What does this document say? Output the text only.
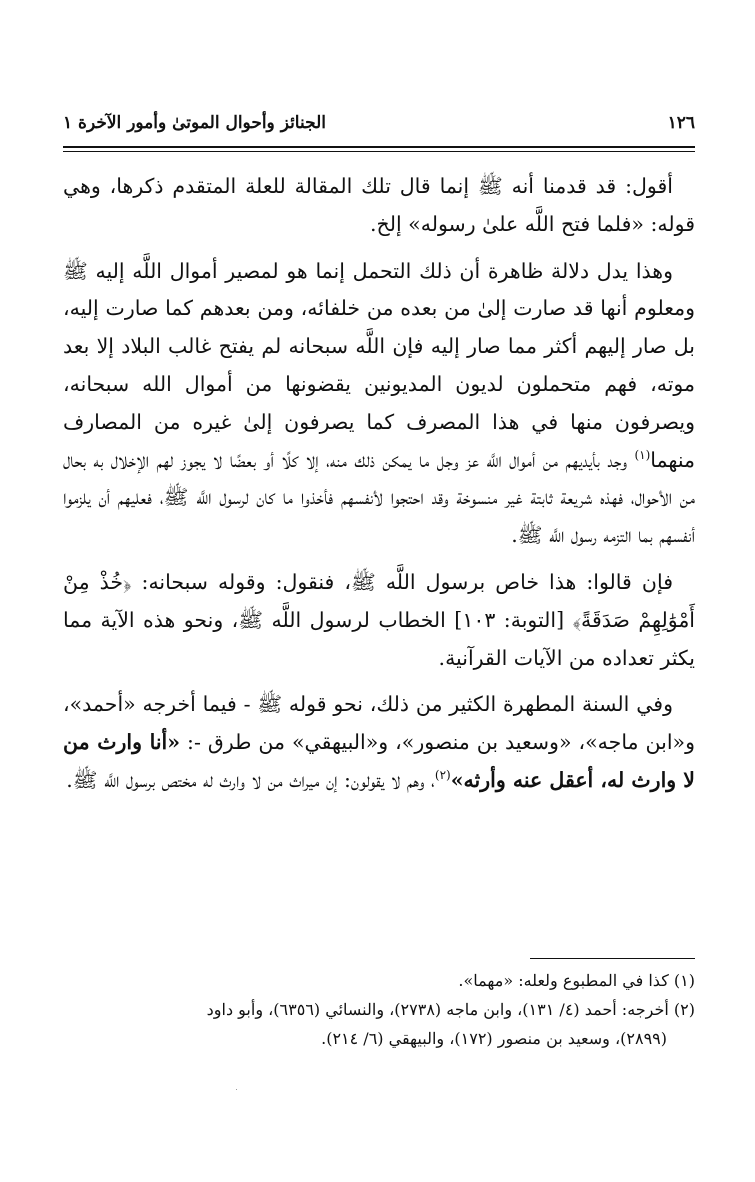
١٢٦
الجنائز وأحوال الموتىٰ وأمور الآخرة ١

أقول: قد قدمنا أنه ﷺ إنما قال تلك المقالة للعلة المتقدم ذكرها، وهي قوله: «فلما فتح اللَّه علىٰ رسوله» إلخ.

وهذا يدل دلالة ظاهرة أن ذلك التحمل إنما هو لمصير أموال اللَّه إليه ﷺ ومعلوم أنها قد صارت إلىٰ من بعده من خلفائه، ومن بعدهم كما صارت إليه، بل صار إليهم أكثر مما صار إليه فإن اللَّه سبحانه لم يفتح غالب البلاد إلا بعد موته، فهم متحملون لديون المديونين يقضونها من أموال الله سبحانه، ويصرفون منها في هذا المصرف كما يصرفون إلىٰ غيره من المصارف منهما$^{(١)}$ وجد بأيديهم من أموال اللَّه عز وجل ما يمكن ذلك منه، إلا كلًا أو بعضًا لا يجوز لهم الإخلال به بحال من الأحوال، فهذه شريعة ثابتة غير منسوخة وقد احتجوا لأنفسهم فأخذوا ما كان لرسول اللَّه ﷺ، فعليهم أن يلزموا أنفسهم بما التزمه رسول اللَّه ﷺ.

فإن قالوا: هذا خاص برسول اللَّه ﷺ، فنقول: وقوله سبحانه: ﴿خُذْ مِنْ أَمْوَٰلِهِمْ صَدَقَةً﴾ [التوبة: ١٠٣] الخطاب لرسول اللَّه ﷺ، ونحو هذه الآية مما يكثر تعداده من الآيات القرآنية.

وفي السنة المطهرة الكثير من ذلك، نحو قوله ﷺ - فيما أخرجه «أحمد»، و«ابن ماجه»، «وسعيد بن منصور»، و«البيهقي» من طرق -: «أنا وارث من لا وارث له، أعقل عنه وأرثه»$^{(٢)}$، وهم لا يقولون: إن ميراث من لا وارث له مختص برسول اللَّه ﷺ.

(١) كذا في المطبوع ولعله: «مهما».

(٢) أخرجه: أحمد (٤/ ١٣١)، وابن ماجه (٢٧٣٨)، والنسائي (٦٣٥٦)، وأبو داود

(٢٨٩٩)، وسعيد بن منصور (١٧٢)، والبيهقي (٦/ ٢١٤).
